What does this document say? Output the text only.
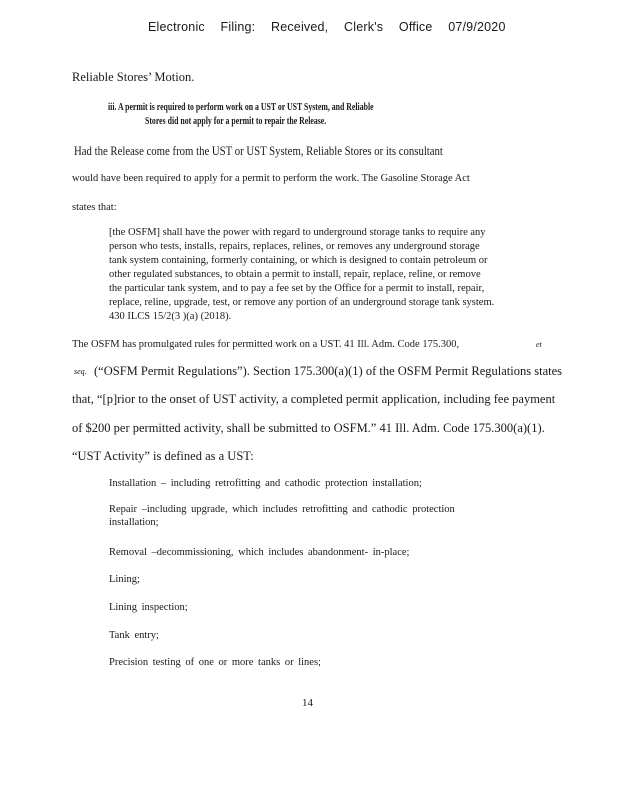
Electronic Filing: Received, Clerk's Office 07/9/2020
Reliable Stores’ Motion.
iii. A permit is required to perform work on a UST or UST System, and Reliable
Stores did not apply for a permit to repair the Release.
Had the Release come from the UST or UST System, Reliable Stores or its consultant
would have been required to apply for a permit to perform the work. The Gasoline Storage Act
states that:
[the OSFM] shall have the power with regard to underground storage tanks to require any
person who tests, installs, repairs, replaces, relines, or removes any underground storage
tank system containing, formerly containing, or which is designed to contain petroleum or
other regulated substances, to obtain a permit to install, repair, replace, reline, or remove
the particular tank system, and to pay a fee set by the Office for a permit to install, repair,
replace, reline, upgrade, test, or remove any portion of an underground storage tank system.
430 ILCS 15/2(3 )(a) (2018).
The OSFM has promulgated rules for permitted work on a UST. 41 Ill. Adm. Code 175.300,	et
seq. (“OSFM Permit Regulations”). Section 175.300(a)(1) of the OSFM Permit Regulations states
that, “[p]rior to the onset of UST activity, a completed permit application, including fee payment
of $200 per permitted activity, shall be submitted to OSFM.” 41 Ill. Adm. Code 175.300(a)(1).
“UST Activity” is defined as a UST:
Installation – including retrofitting and cathodic protection installation;
Repair –including upgrade, which includes retrofitting and cathodic protection
installation;
Removal –decommissioning, which includes abandonment- in-place;
Lining;
Lining inspection;
Tank entry;
Precision testing of one or more tanks or lines;
14
